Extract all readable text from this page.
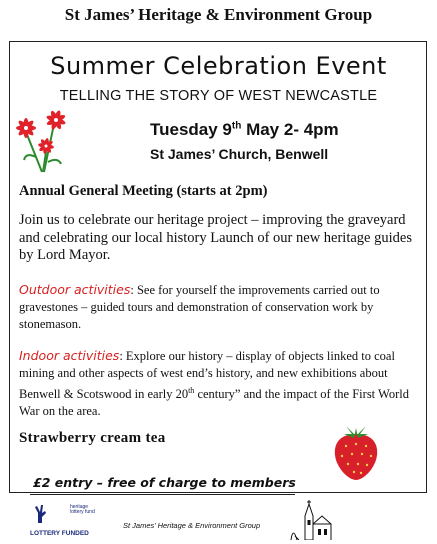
St James’ Heritage & Environment Group
Summer Celebration Event
TELLING THE STORY OF WEST NEWCASTLE
Tuesday 9th May 2- 4pm
St James’ Church, Benwell
Annual General Meeting (starts at 2pm)
Join us to celebrate our heritage project – improving the graveyard and celebrating our local history Launch of our new heritage guides by Lord Mayor.
Outdoor activities: See for yourself the improvements carried out to gravestones – guided tours and demonstration of conservation work by stonemason.
Indoor activities: Explore our history – display of objects linked to coal mining and other aspects of west end’s history, and new exhibitions about Benwell & Scotswood in early 20th century” and the impact of the First World War on the area.
Strawberry cream tea
£2 entry – free of charge to members
heritage lottery fund
LOTTERY FUNDED
St James’ Heritage & Environment Group
